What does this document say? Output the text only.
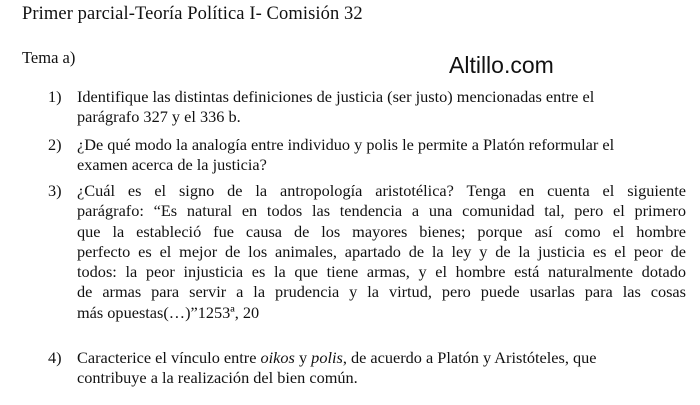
Primer parcial-Teoría Política I- Comisión 32
Tema a)	Altillo.com
1) Identifique las distintas definiciones de justicia (ser justo) mencionadas entre el
parágrafo 327 y el 336 b.
2) ¿De qué modo la analogía entre individuo y polis le permite a Platón reformular el
examen acerca de la justicia?
3) ¿Cuál es el signo de la antropología aristotélica? Tenga en cuenta el siguiente
parágrafo: “Es natural en todos las tendencia a una comunidad tal, pero el primero
que la estableció fue causa de los mayores bienes; porque así como el hombre
perfecto es el mejor de los animales, apartado de la ley y de la justicia es el peor de
todos: la peor injusticia es la que tiene armas, y el hombre está naturalmente dotado
de armas para servir a la prudencia y la virtud, pero puede usarlas para las cosas
más opuestas(…)”1253ª, 20
4) Caracterice el vínculo entre oikos y polis, de acuerdo a Platón y Aristóteles, que
contribuye a la realización del bien común.
